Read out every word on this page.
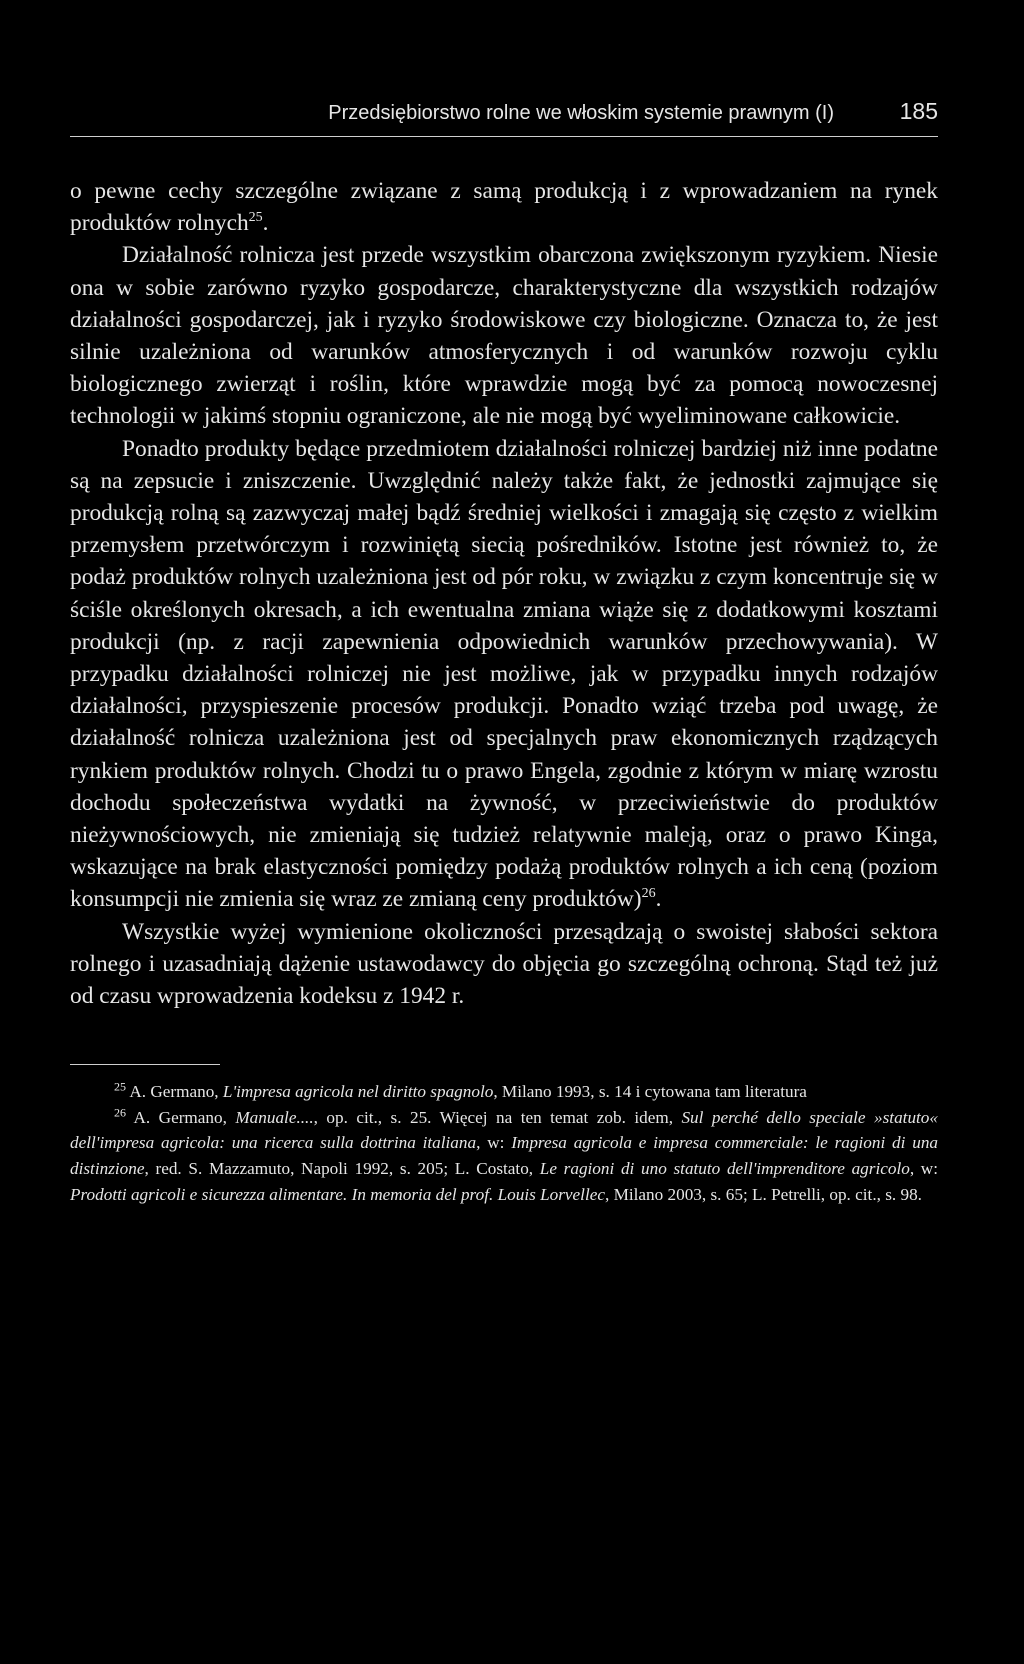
Przedsiębiorstwo rolne we włoskim systemie prawnym (I)	185

o pewne cechy szczególne związane z samą produkcją i z wprowadzaniem na rynek produktów rolnych$^{25}$.

Działalność rolnicza jest przede wszystkim obarczona zwiększonym ryzykiem. Niesie ona w sobie zarówno ryzyko gospodarcze, charakterystyczne dla wszystkich rodzajów działalności gospodarczej, jak i ryzyko środowiskowe czy biologiczne. Oznacza to, że jest silnie uzależniona od warunków atmosferycznych i od warunków rozwoju cyklu biologicznego zwierząt i roślin, które wprawdzie mogą być za pomocą nowoczesnej technologii w jakimś stopniu ograniczone, ale nie mogą być wyeliminowane całkowicie.

Ponadto produkty będące przedmiotem działalności rolniczej bardziej niż inne podatne są na zepsucie i zniszczenie. Uwzględnić należy także fakt, że jednostki zajmujące się produkcją rolną są zazwyczaj małej bądź średniej wielkości i zmagają się często z wielkim przemysłem przetwórczym i rozwiniętą siecią pośredników. Istotne jest również to, że podaż produktów rolnych uzależniona jest od pór roku, w związku z czym koncentruje się w ściśle określonych okresach, a ich ewentualna zmiana wiąże się z dodatkowymi kosztami produkcji (np. z racji zapewnienia odpowiednich warunków przechowywania). W przypadku działalności rolniczej nie jest możliwe, jak w przypadku innych rodzajów działalności, przyspieszenie procesów produkcji. Ponadto wziąć trzeba pod uwagę, że działalność rolnicza uzależniona jest od specjalnych praw ekonomicznych rządzących rynkiem produktów rolnych. Chodzi tu o prawo Engela, zgodnie z którym w miarę wzrostu dochodu społeczeństwa wydatki na żywność, w przeciwieństwie do produktów nieżywnościowych, nie zmieniają się tudzież relatywnie maleją, oraz o prawo Kinga, wskazujące na brak elastyczności pomiędzy podażą produktów rolnych a ich ceną (poziom konsumpcji nie zmienia się wraz ze zmianą ceny produktów)$^{26}$.

Wszystkie wyżej wymienione okoliczności przesądzają o swoistej słabości sektora rolnego i uzasadniają dążenie ustawodawcy do objęcia go szczególną ochroną. Stąd też już od czasu wprowadzenia kodeksu z 1942 r.

$^{25}$ A. Germano, L'impresa agricola nel diritto spagnolo, Milano 1993, s. 14 i cytowana tam literatura

$^{26}$ A. Germano, Manuale...., op. cit., s. 25. Więcej na ten temat zob. idem, Sul perché dello speciale »statuto« dell'impresa agricola: una ricerca sulla dottrina italiana, w: Impresa agricola e impresa commerciale: le ragioni di una distinzione, red. S. Mazzamuto, Napoli 1992, s. 205; L. Costato, Le ragioni di uno statuto dell'imprenditore agricolo, w: Prodotti agricoli e sicurezza alimentare. In memoria del prof. Louis Lorvellec, Milano 2003, s. 65; L. Petrelli, op. cit., s. 98.
